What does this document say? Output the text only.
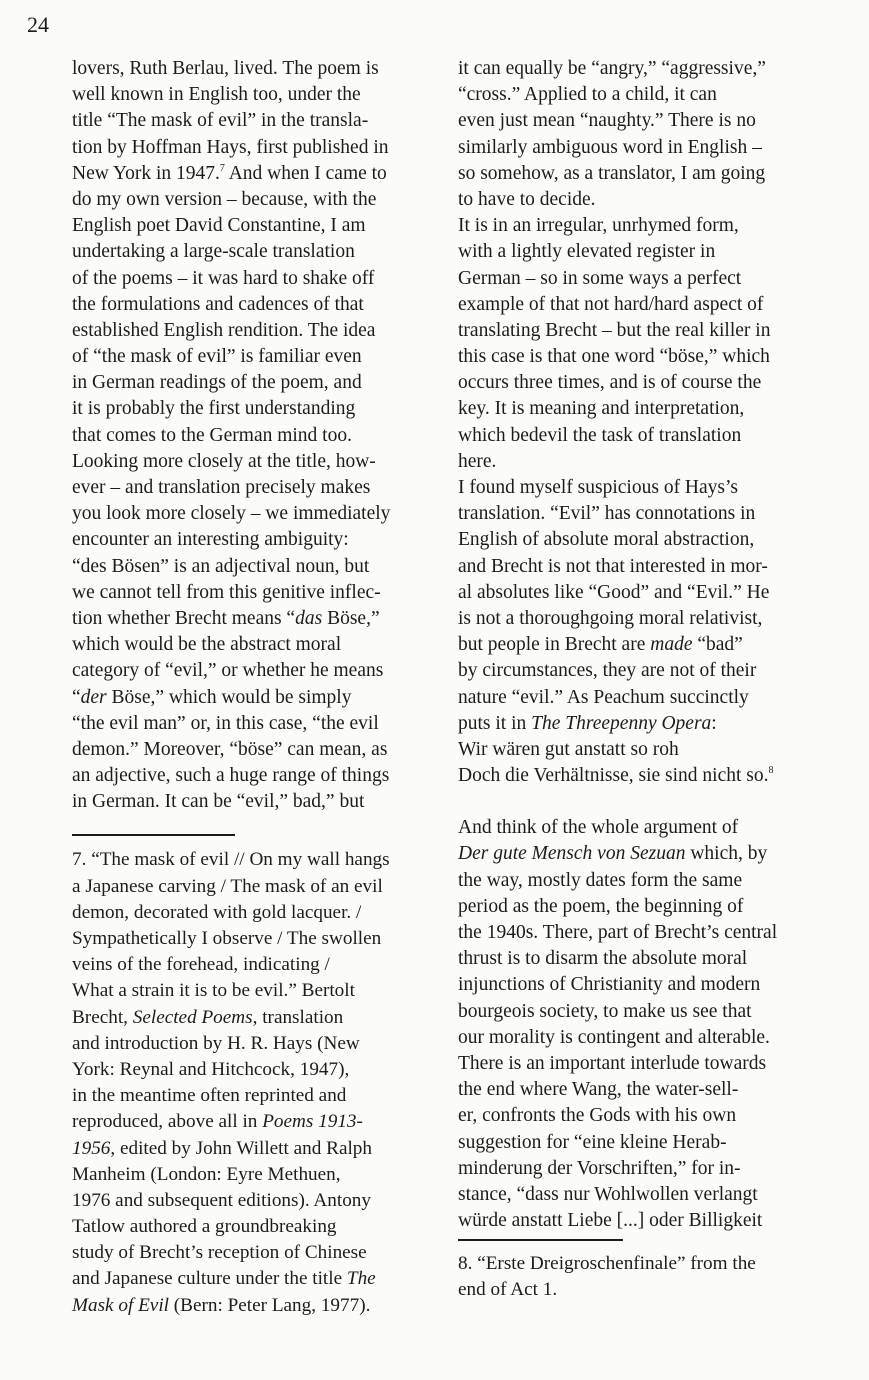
24
lovers, Ruth Berlau, lived. The poem is
well known in English too, under the
title “The mask of evil” in the transla-
tion by Hoffman Hays, first published in
New York in 1947.$^7$ And when I came to
do my own version – because, with the
English poet David Constantine, I am
undertaking a large-scale translation
of the poems – it was hard to shake off
the formulations and cadences of that
established English rendition. The idea
of “the mask of evil” is familiar even
in German readings of the poem, and
it is probably the first understanding
that comes to the German mind too.
Looking more closely at the title, how-
ever – and translation precisely makes
you look more closely – we immediately
encounter an interesting ambiguity:
“des Bösen” is an adjectival noun, but
we cannot tell from this genitive inflec-
tion whether Brecht means “das Böse,”
which would be the abstract moral
category of “evil,” or whether he means
“der Böse,” which would be simply
“the evil man” or, in this case, “the evil
demon.” Moreover, “böse” can mean, as
an adjective, such a huge range of things
in German. It can be “evil,” bad,” but
7. “The mask of evil // On my wall hangs
a Japanese carving / The mask of an evil
demon, decorated with gold lacquer. /
Sympathetically I observe / The swollen
veins of the forehead, indicating /
What a strain it is to be evil.” Bertolt
Brecht, Selected Poems, translation
and introduction by H. R. Hays (New
York: Reynal and Hitchcock, 1947),
in the meantime often reprinted and
reproduced, above all in Poems 1913-
1956, edited by John Willett and Ralph
Manheim (London: Eyre Methuen,
1976 and subsequent editions). Antony
Tatlow authored a groundbreaking
study of Brecht’s reception of Chinese
and Japanese culture under the title The
Mask of Evil (Bern: Peter Lang, 1977).
it can equally be “angry,” “aggressive,”
“cross.” Applied to a child, it can
even just mean “naughty.” There is no
similarly ambiguous word in English –
so somehow, as a translator, I am going
to have to decide.
It is in an irregular, unrhymed form,
with a lightly elevated register in
German – so in some ways a perfect
example of that not hard/hard aspect of
translating Brecht – but the real killer in
this case is that one word “böse,” which
occurs three times, and is of course the
key. It is meaning and interpretation,
which bedevil the task of translation
here.
I found myself suspicious of Hays’s
translation. “Evil” has connotations in
English of absolute moral abstraction,
and Brecht is not that interested in mor-
al absolutes like “Good” and “Evil.” He
is not a thoroughgoing moral relativist,
but people in Brecht are made “bad”
by circumstances, they are not of their
nature “evil.” As Peachum succinctly
puts it in The Threepenny Opera:
Wir wären gut anstatt so roh
Doch die Verhältnisse, sie sind nicht so.$^8$
And think of the whole argument of
Der gute Mensch von Sezuan which, by
the way, mostly dates form the same
period as the poem, the beginning of
the 1940s. There, part of Brecht’s central
thrust is to disarm the absolute moral
injunctions of Christianity and modern
bourgeois society, to make us see that
our morality is contingent and alterable.
There is an important interlude towards
the end where Wang, the water-sell-
er, confronts the Gods with his own
suggestion for “eine kleine Herab-
minderung der Vorschriften,” for in-
stance, “dass nur Wohlwollen verlangt
würde anstatt Liebe [...] oder Billigkeit
8. “Erste Dreigroschenfinale” from the
end of Act 1.
